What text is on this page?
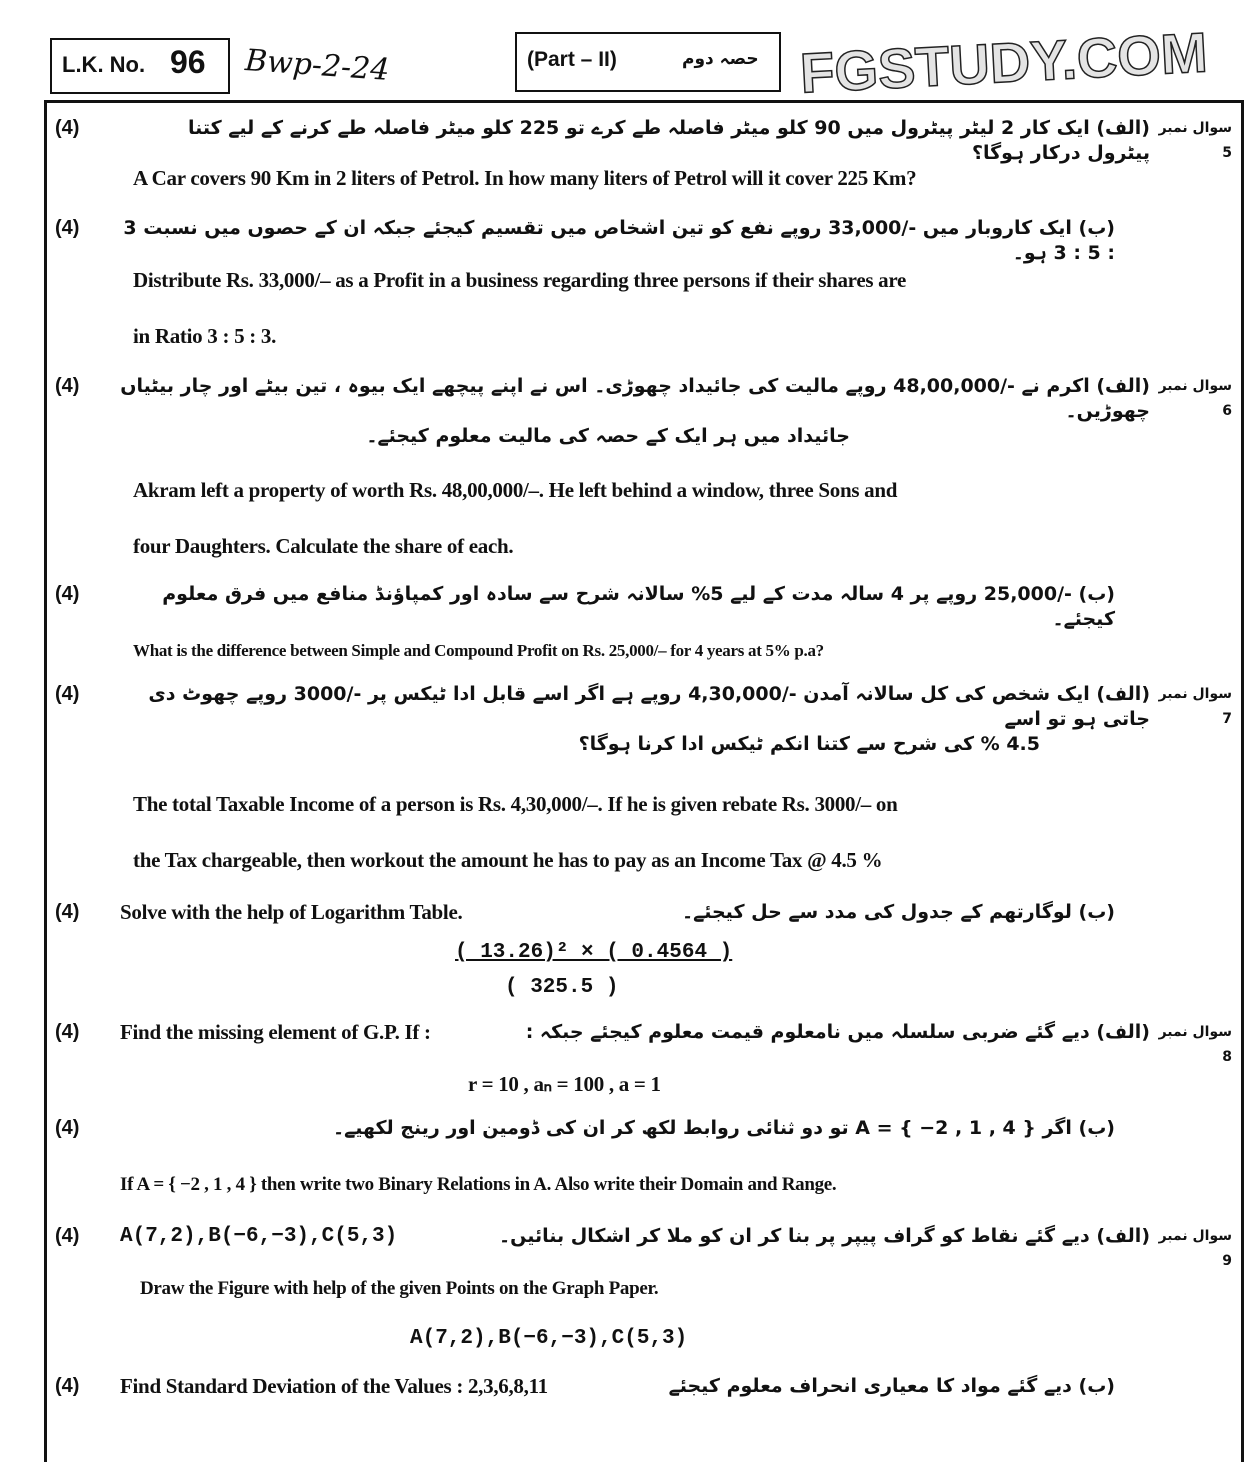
L.K. No. 96 Bwp-2-24	(Part – II)	حصہ دوم FGSTUDY.COM
(4)	(الف) ایک کار 2 لیٹر پیٹرول میں 90 کلو میٹر فاصلہ طے کرے تو 225 کلو میٹر فاصلہ طے کرنے کے لیے کتنا پیٹرول درکار ہوگا؟
سوال نمبر 5
A Car covers 90 Km in 2 liters of Petrol. In how many liters of Petrol will it cover 225 Km?
(4)	(ب) ایک کاروبار میں -/33,000 روپے نفع کو تین اشخاص میں تقسیم کیجئے جبکہ ان کے حصوں میں نسبت 3 : 5 : 3 ہو۔
Distribute Rs. 33,000/– as a Profit in a business regarding three persons if their shares are
in Ratio 3 : 5 : 3.
(4)	(الف) اکرم نے -/48,00,000 روپے مالیت کی جائیداد چھوڑی۔ اس نے اپنے پیچھے ایک بیوہ ، تین بیٹے اور چار بیٹیاں چھوڑیں۔
سوال نمبر 6
جائیداد میں ہر ایک کے حصہ کی مالیت معلوم کیجئے۔
Akram left a property of worth Rs. 48,00,000/–. He left behind a window, three Sons and
four Daughters. Calculate the share of each.
(4)	(ب) -/25,000 روپے پر 4 سالہ مدت کے لیے 5% سالانہ شرح سے سادہ اور کمپاؤنڈ منافع میں فرق معلوم کیجئے۔
What is the difference between Simple and Compound Profit on Rs. 25,000/– for 4 years at 5% p.a?
(4)	(الف) ایک شخص کی کل سالانہ آمدن -/4,30,000 روپے ہے اگر اسے قابل ادا ٹیکس پر -/3000 روپے چھوٹ دی جاتی ہو تو اسے
سوال نمبر 7
4.5 % کی شرح سے کتنا انکم ٹیکس ادا کرنا ہوگا؟
The total Taxable Income of a person is Rs. 4,30,000/–. If he is given rebate Rs. 3000/– on
the Tax chargeable, then workout the amount he has to pay as an Income Tax @ 4.5 %
(4)	Solve with the help of Logarithm Table.	(ب) لوگارتھم کے جدول کی مدد سے حل کیجئے۔
( 13.26)² × ( 0.4564 )
( 325.5 )
(4)	Find the missing element of G.P. If :	(الف) دیے گئے ضربی سلسلہ میں نامعلوم قیمت معلوم کیجئے جبکہ : سوال نمبر 8
r = 10 , aₙ = 100 , a = 1
(4)	(ب) اگر { 4 , 1 , 2− } = A تو دو ثنائی روابط لکھ کر ان کی ڈومین اور رینج لکھیے۔
If A = { −2 , 1 , 4 } then write two Binary Relations in A. Also write their Domain and Range.
(4)	A(7,2),B(−6,−3),C(5,3)	(الف) دیے گئے نقاط کو گراف پیپر پر بنا کر ان کو ملا کر اشکال بنائیں۔ سوال نمبر 9
Draw the Figure with help of the given Points on the Graph Paper.
A(7,2),B(−6,−3),C(5,3)
(4)	Find Standard Deviation of the Values : 2,3,6,8,11	(ب) دیے گئے مواد کا معیاری انحراف معلوم کیجئے
